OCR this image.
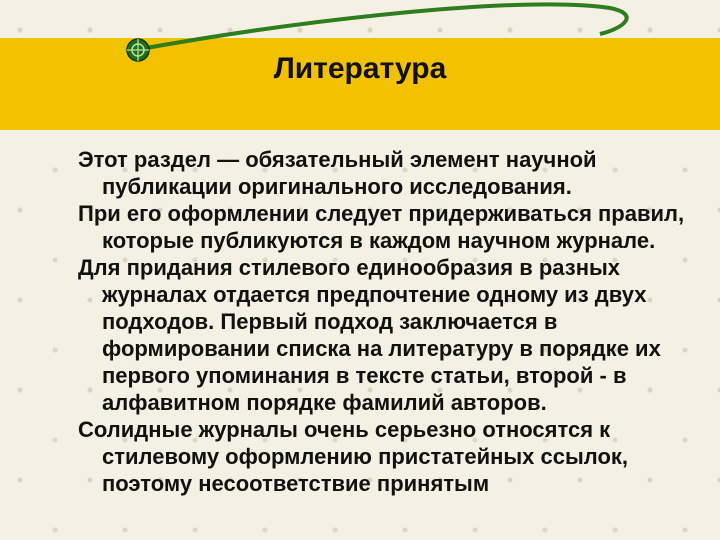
Литература
Этот раздел — обязательный элемент научной публикации оригинального исследования.
При его оформлении следует придерживаться правил, которые публикуются в каждом научном журнале.
Для придания стилевого единообразия в разных журналах отдается предпочтение одному из двух подходов. Первый подход заключается в формировании списка на литературу в порядке их первого упоминания в тексте статьи, второй - в алфавитном порядке фамилий авторов.
Солидные журналы очень серьезно относятся к стилевому оформлению пристатейных ссылок, поэтому несоответствие принятым
